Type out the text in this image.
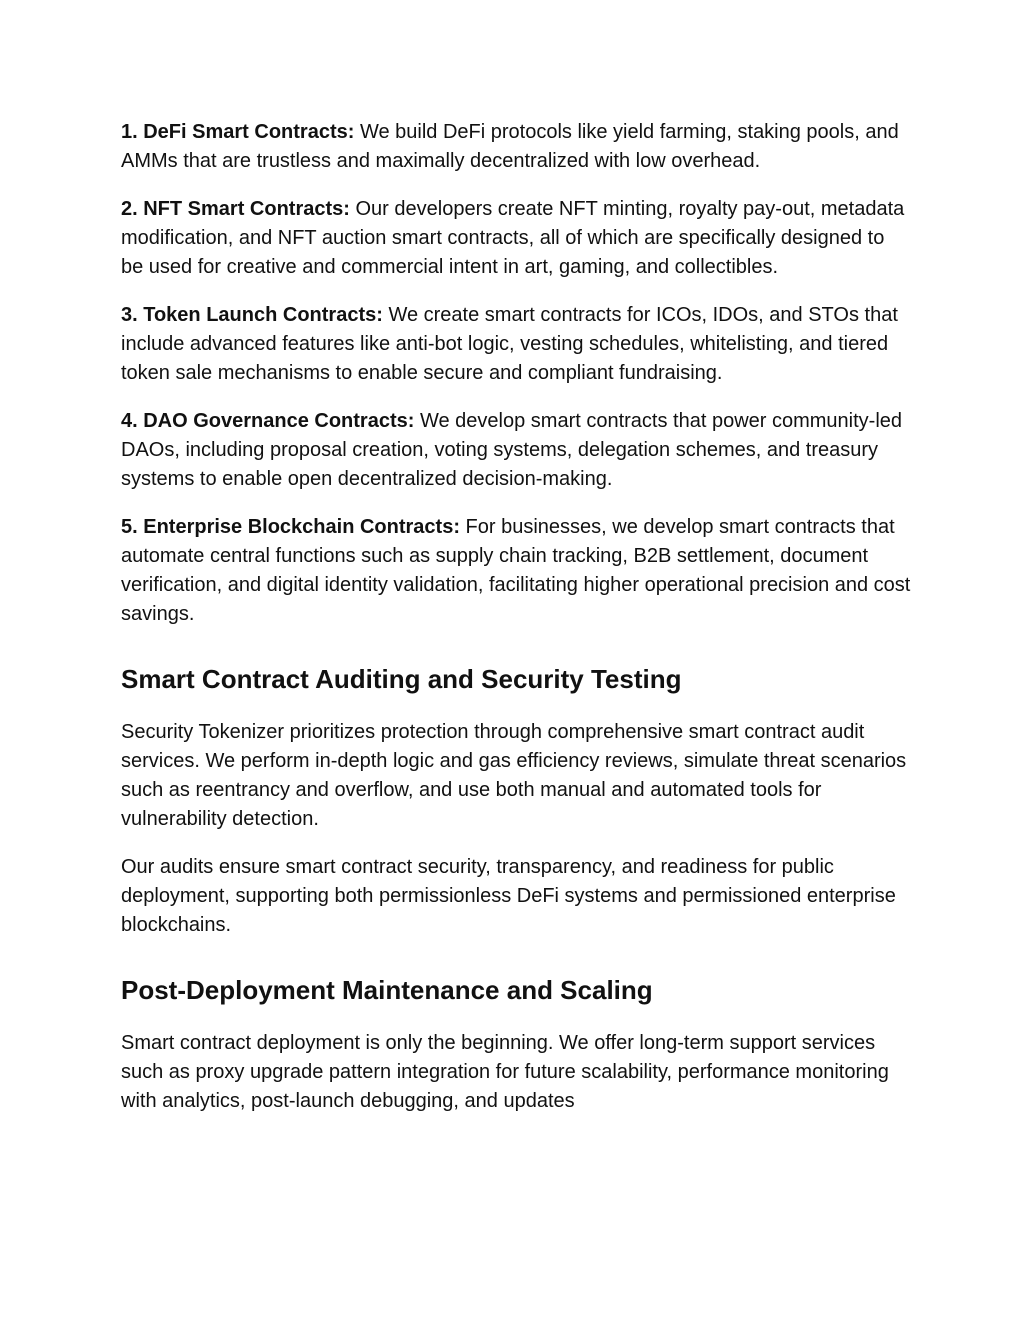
1. DeFi Smart Contracts: We build DeFi protocols like yield farming, staking pools, and AMMs that are trustless and maximally decentralized with low overhead.

2. NFT Smart Contracts: Our developers create NFT minting, royalty pay-out, metadata modification, and NFT auction smart contracts, all of which are specifically designed to be used for creative and commercial intent in art, gaming, and collectibles.

3. Token Launch Contracts: We create smart contracts for ICOs, IDOs, and STOs that include advanced features like anti-bot logic, vesting schedules, whitelisting, and tiered token sale mechanisms to enable secure and compliant fundraising.

4. DAO Governance Contracts: We develop smart contracts that power community-led DAOs, including proposal creation, voting systems, delegation schemes, and treasury systems to enable open decentralized decision-making.

5. Enterprise Blockchain Contracts: For businesses, we develop smart contracts that automate central functions such as supply chain tracking, B2B settlement, document verification, and digital identity validation, facilitating higher operational precision and cost savings.

Smart Contract Auditing and Security Testing

Security Tokenizer prioritizes protection through comprehensive smart contract audit services. We perform in-depth logic and gas efficiency reviews, simulate threat scenarios such as reentrancy and overflow, and use both manual and automated tools for vulnerability detection.

Our audits ensure smart contract security, transparency, and readiness for public deployment, supporting both permissionless DeFi systems and permissioned enterprise blockchains.

Post-Deployment Maintenance and Scaling

Smart contract deployment is only the beginning. We offer long-term support services such as proxy upgrade pattern integration for future scalability, performance monitoring with analytics, post-launch debugging, and updates
